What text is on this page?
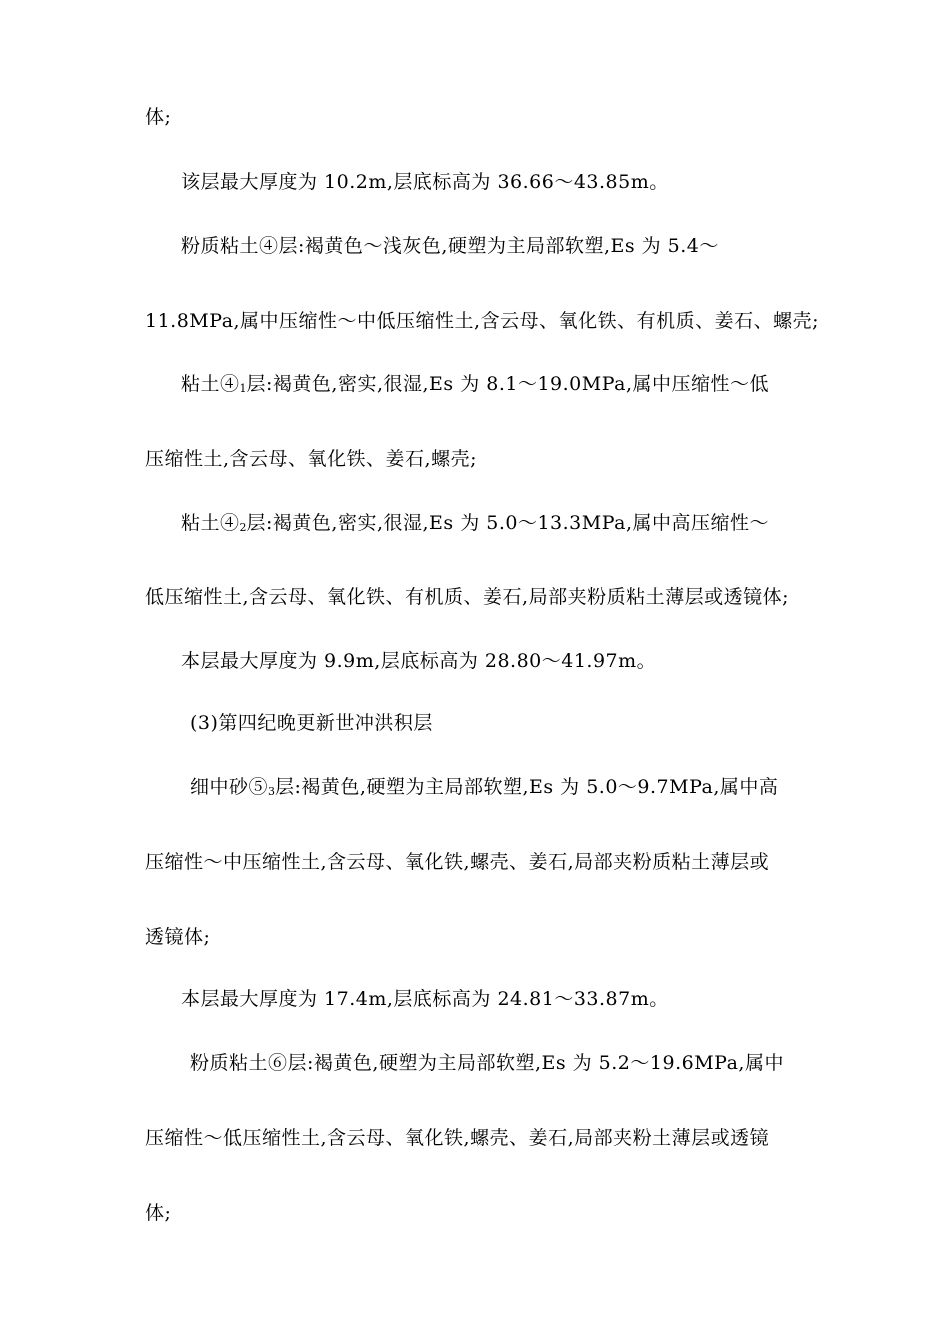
体;
该层最大厚度为 10.2m,层底标高为 36.66～43.85m。
粉质粘土④层:褐黄色～浅灰色,硬塑为主局部软塑,Es 为 5.4～
11.8MPa,属中压缩性～中低压缩性土,含云母、氧化铁、有机质、姜石、螺壳;
粘土④1层:褐黄色,密实,很湿,Es 为 8.1～19.0MPa,属中压缩性～低
压缩性土,含云母、氧化铁、姜石,螺壳;
粘土④2层:褐黄色,密实,很湿,Es 为 5.0～13.3MPa,属中高压缩性～
低压缩性土,含云母、氧化铁、有机质、姜石,局部夹粉质粘土薄层或透镜体;
本层最大厚度为 9.9m,层底标高为 28.80～41.97m。
(3)第四纪晚更新世冲洪积层
细中砂⑤3层:褐黄色,硬塑为主局部软塑,Es 为 5.0～9.7MPa,属中高
压缩性～中压缩性土,含云母、氧化铁,螺壳、姜石,局部夹粉质粘土薄层或
透镜体;
本层最大厚度为 17.4m,层底标高为 24.81～33.87m。
粉质粘土⑥层:褐黄色,硬塑为主局部软塑,Es 为 5.2～19.6MPa,属中
压缩性～低压缩性土,含云母、氧化铁,螺壳、姜石,局部夹粉土薄层或透镜
体;
